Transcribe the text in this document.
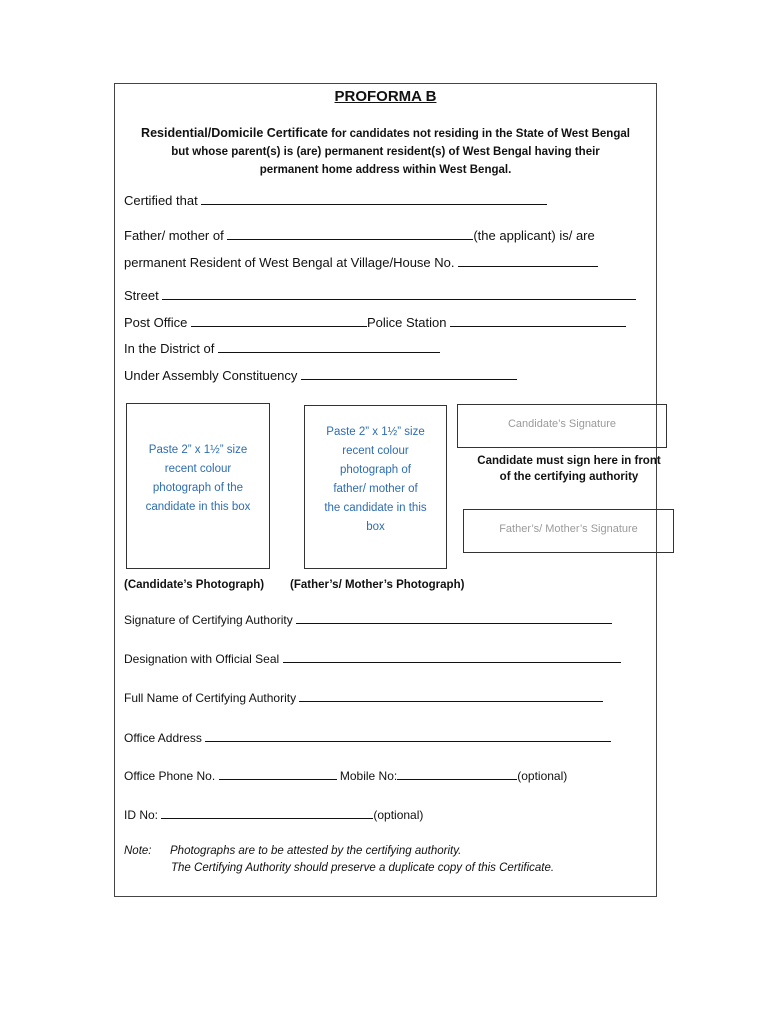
PROFORMA B
Residential/Domicile Certificate for candidates not residing in the State of West Bengal
but whose parent(s) is (are) permanent resident(s) of West Bengal having their
permanent home address within West Bengal.
Certified that
Father/ mother of	(the applicant) is/ are
permanent Resident of West Bengal at Village/House No.
Street
Post Office	Police Station
In the District of
Under Assembly Constituency
Paste 2” x 1½” size
recent colour
photograph of the
candidate in this box
Paste 2” x 1½” size
recent colour
photograph of
father/ mother of
the candidate in this
box
Candidate’s Signature
Candidate must sign here in front
of the certifying authority
Father’s/ Mother’s Signature
(Candidate’s Photograph) (Father’s/ Mother’s Photograph)
Signature of Certifying Authority
Designation with Official Seal
Full Name of Certifying Authority
Office Address
Office Phone No.	Mobile No:	(optional)
ID No:	(optional)
Note: Photographs are to be attested by the certifying authority.
The Certifying Authority should preserve a duplicate copy of this Certificate.
